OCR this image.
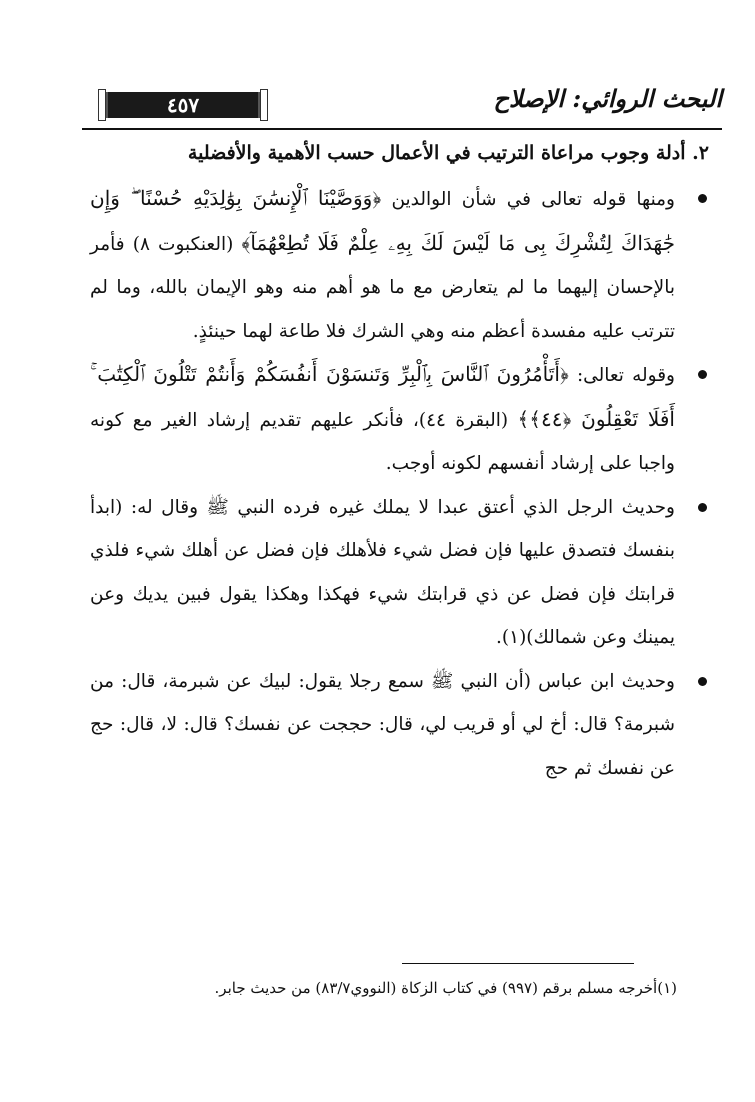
٤٥٧	البحث الروائي: الإصلاح
٢. أدلة وجوب مراعاة الترتيب في الأعمال حسب الأهمية والأفضلية
ومنها قوله تعالى في شأن الوالدين ﴿وَوَصَّيْنَا ٱلْإِنسَٰنَ بِوَٰلِدَيْهِ حُسْنًا ۖ وَإِن جَٰهَدَاكَ لِتُشْرِكَ بِى مَا لَيْسَ لَكَ بِهِۦ عِلْمٌ فَلَا تُطِعْهُمَآ﴾ (العنكبوت ٨) فأمر بالإحسان إليهما ما لم يتعارض مع ما هو أهم منه وهو الإيمان بالله، وما لم تترتب عليه مفسدة أعظم منه وهي الشرك فلا طاعة لهما حينئذٍ.
وقوله تعالى: ﴿أَتَأْمُرُونَ ٱلنَّاسَ بِٱلْبِرِّ وَتَنسَوْنَ أَنفُسَكُمْ وَأَنتُمْ تَتْلُونَ ٱلْكِتَٰبَ ۚ أَفَلَا تَعْقِلُونَ ﴿٤٤﴾﴾ (البقرة ٤٤)، فأنكر عليهم تقديم إرشاد الغير مع كونه واجبا على إرشاد أنفسهم لكونه أوجب.
وحديث الرجل الذي أعتق عبدا لا يملك غيره فرده النبي ﷺ وقال له: (ابدأ بنفسك فتصدق عليها فإن فضل شيء فلأهلك فإن فضل عن أهلك شيء فلذي قرابتك فإن فضل عن ذي قرابتك شيء فهكذا وهكذا يقول فبين يديك وعن يمينك وعن شمالك)(١).
وحديث ابن عباس (أن النبي ﷺ سمع رجلا يقول: لبيك عن شبرمة، قال: من شبرمة؟ قال: أخ لي أو قريب لي، قال: حججت عن نفسك؟ قال: لا، قال: حج عن نفسك ثم حج
(١)أخرجه مسلم برقم (٩٩٧) في كتاب الزكاة (النووي٨٣/٧) من حديث جابر.
